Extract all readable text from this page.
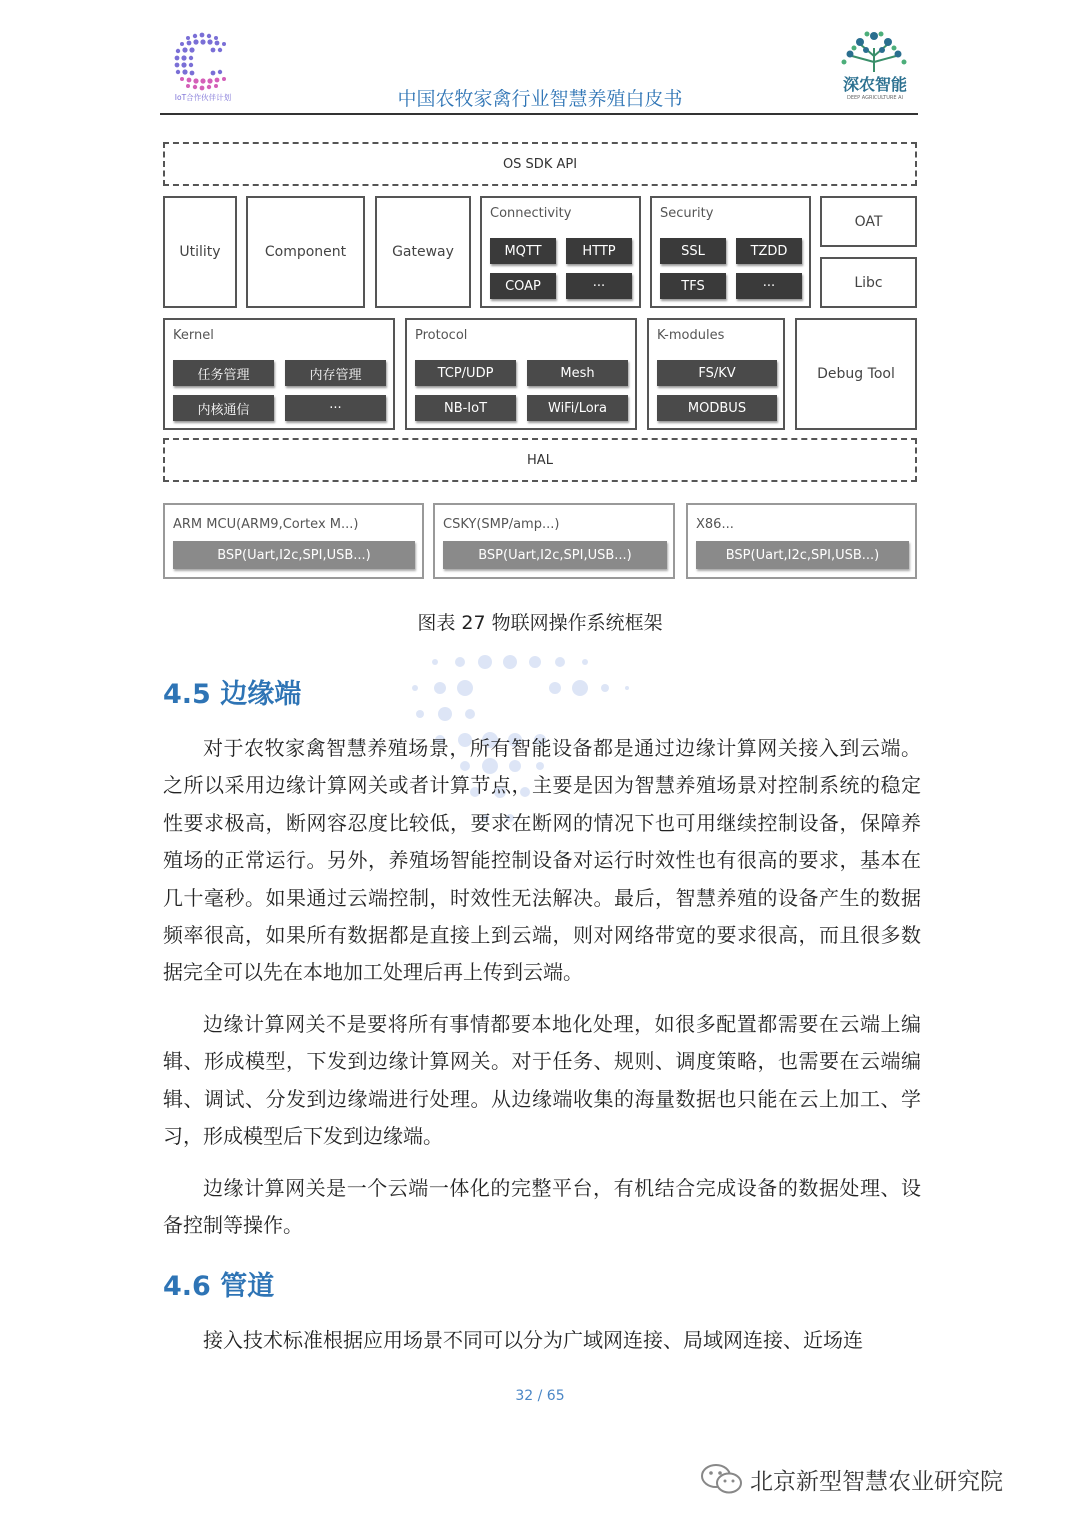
IoT合作伙伴计划
深农智能
DEEP AGRICULTURE AI
中国农牧家禽行业智慧养殖白皮书
OS SDK API
Utility	Component	Gateway
Connectivity
MQTT	HTTP
COAP	···
Security
SSL	TZDD
TFS	···
OAT
Libc
Kernel
任务管理	内存管理
内核通信	···
Protocol
TCP/UDP	Mesh
NB-IoT	WiFi/Lora
K-modules
FS/KV
MODBUS
Debug Tool
HAL
ARM MCU(ARM9,Cortex M...)
BSP(Uart,I2c,SPI,USB...)
CSKY(SMP/amp...)
BSP(Uart,I2c,SPI,USB...)
X86...
BSP(Uart,I2c,SPI,USB...)
图表 27 物联网操作系统框架
4.5 边缘端
对于农牧家禽智慧养殖场景，所有智能设备都是通过边缘计算网关接入到云端。 之所以采用边缘计算网关或者计算节点，主要是因为智慧养殖场景对控制系统的稳定性要求极高，断网容忍度比较低，要求在断网的情况下也可用继续控制设备，保障养殖场的正常运行。另外，养殖场智能控制设备对运行时效性也有很高的要求，基本在几十毫秒。如果通过云端控制，时效性无法解决。最后，智慧养殖的设备产生的数据频率很高，如果所有数据都是直接上到云端，则对网络带宽的要求很高，而且很多数据完全可以先在本地加工处理后再上传到云端。
边缘计算网关不是要将所有事情都要本地化处理，如很多配置都需要在云端上编辑、形成模型，下发到边缘计算网关。对于任务、规则、调度策略，也需要在云端编辑、调试、分发到边缘端进行处理。从边缘端收集的海量数据也只能在云上加工、学习，形成模型后下发到边缘端。
边缘计算网关是一个云端一体化的完整平台，有机结合完成设备的数据处理、设备控制等操作。
4.6 管道
接入技术标准根据应用场景不同可以分为广域网连接、局域网连接、近场连
32 / 65
北京新型智慧农业研究院
